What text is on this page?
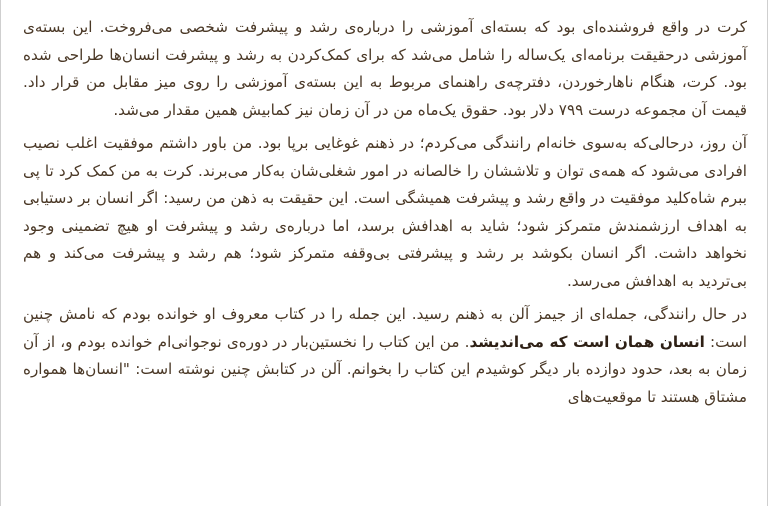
کرت در واقع فروشنده‌ای بود که بسته‌ای آموزشی را درباره‌ی رشد و پیشرفت شخصی می‌فروخت. این بسته‌ی آموزشی درحقیقت برنامه‌ای یک‌ساله را شامل می‌شد که برای کمک‌کردن به رشد و پیشرفت انسان‌ها طراحی شده بود. کرت، هنگام ناهارخوردن، دفترچه‌ی راهنمای مربوط به این بسته‌ی آموزشی را روی میز مقابل من قرار داد. قیمت آن مجموعه درست ۷۹۹ دلار بود. حقوق یک‌ماه من در آن زمان نیز کمابیش همین مقدار می‌شد.

آن روز، درحالی‌که به‌سوی خانه‌ام رانندگی می‌کردم؛ در ذهنم غوغایی برپا بود. من باور داشتم موفقیت اغلب نصیب افرادی می‌شود که همه‌ی توان و تلاششان را خالصانه در امور شغلی‌شان به‌کار می‌برند. کرت به من کمک کرد تا پی ببرم شاه‌کلید موفقیت در واقع رشد و پیشرفت همیشگی است. این حقیقت به ذهن من رسید: اگر انسان بر دستیابی به اهداف ارزشمندش متمرکز شود؛ شاید به اهدافش برسد، اما درباره‌ی رشد و پیشرفت او هیچ تضمینی وجود نخواهد داشت. اگر انسان بکوشد بر رشد و پیشرفتی بی‌وقفه متمرکز شود؛ هم رشد و پیشرفت می‌کند و هم بی‌تردید به اهدافش می‌رسد.

در حال رانندگی، جمله‌ای از جیمز آلن به ذهنم رسید. این جمله را در کتاب معروف او خوانده بودم که نامش چنین است: انسان همان است که می‌اندیشد. من این کتاب را نخستین‌بار در دوره‌ی نوجوانی‌ام خوانده بودم و، از آن زمان به بعد، حدود دوازده بار دیگر کوشیدم این کتاب را بخوانم. آلن در کتابش چنین نوشته است: "انسان‌ها همواره مشتاق هستند تا موقعیت‌های
